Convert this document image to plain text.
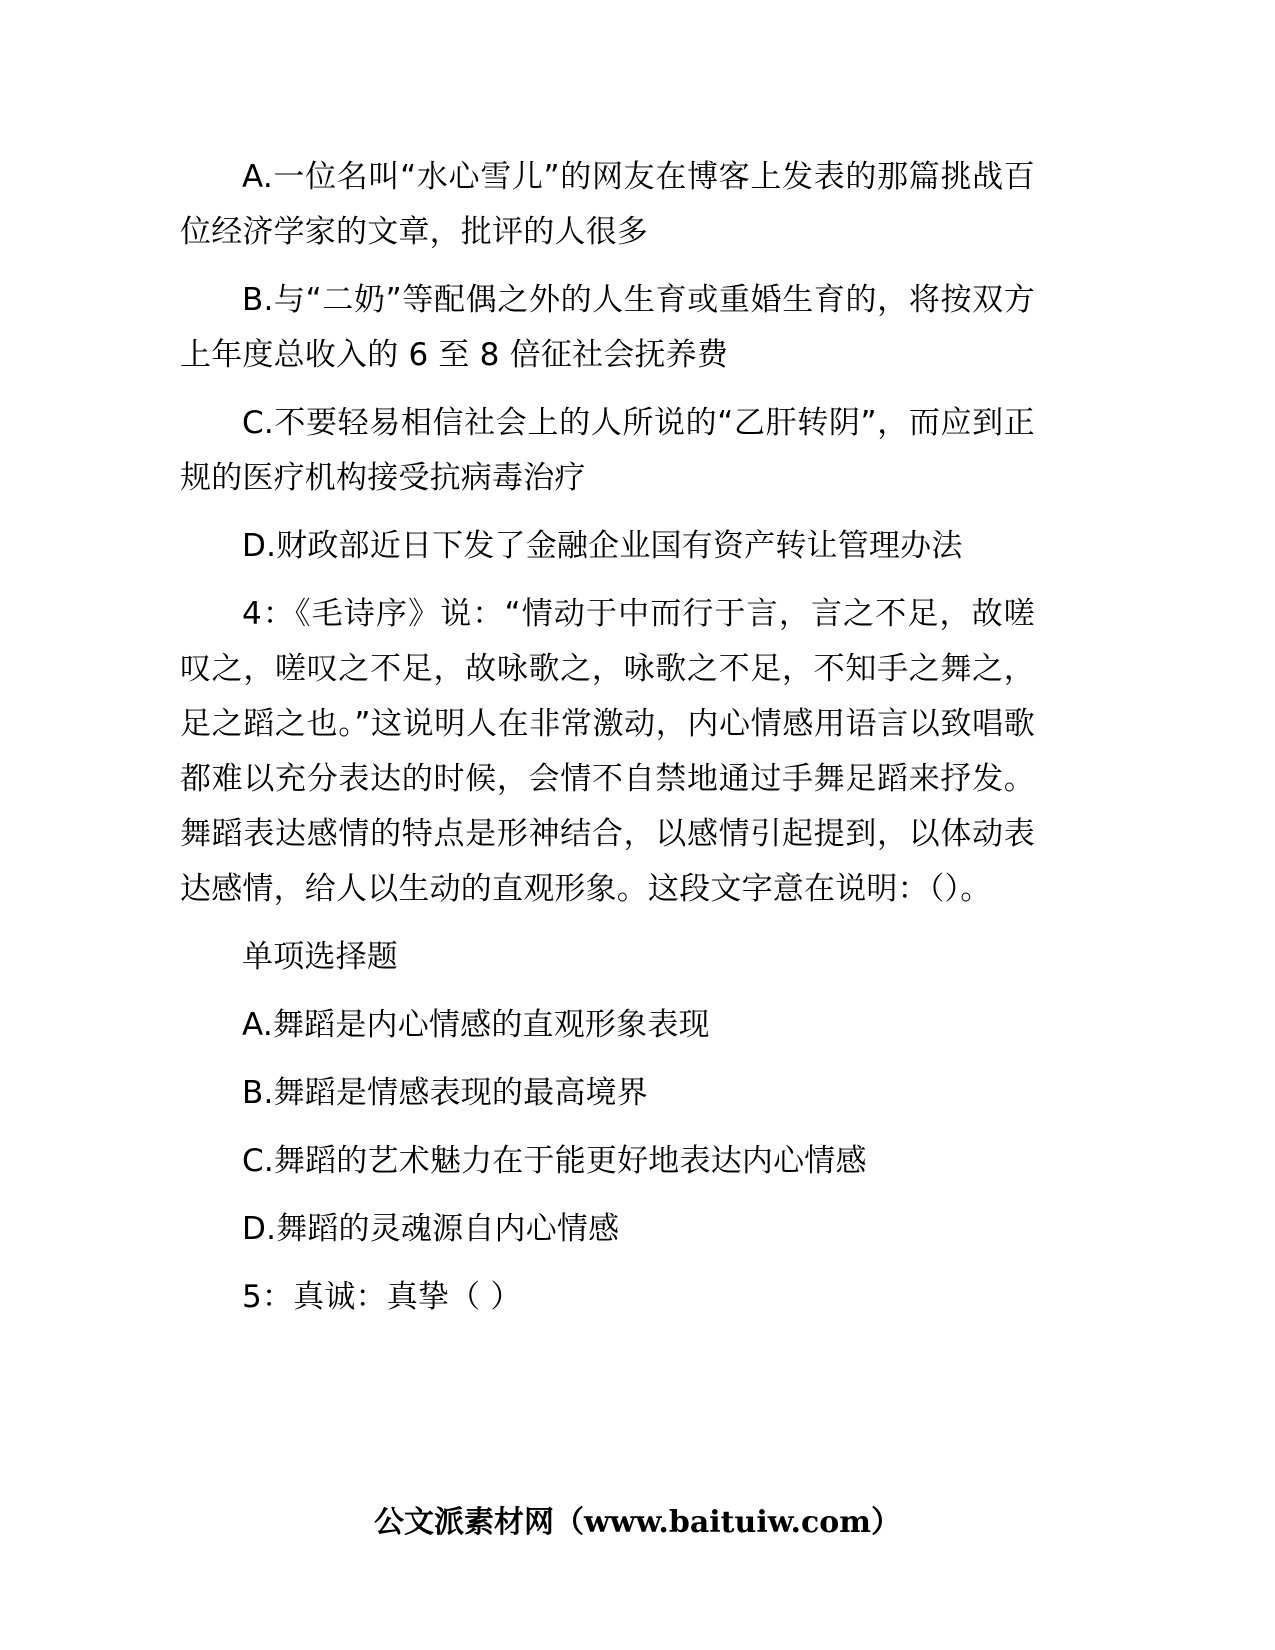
A.一位名叫“水心雪儿”的网友在博客上发表的那篇挑战百位经济学家的文章，批评的人很多

B.与“二奶”等配偶之外的人生育或重婚生育的，将按双方上年度总收入的 6 至 8 倍征社会抚养费

C.不要轻易相信社会上的人所说的“乙肝转阴”，而应到正规的医疗机构接受抗病毒治疗

D.财政部近日下发了金融企业国有资产转让管理办法

4：《毛诗序》说：“情动于中而行于言，言之不足，故嗟叹之，嗟叹之不足，故咏歌之，咏歌之不足，不知手之舞之，足之蹈之也。”这说明人在非常激动，内心情感用语言以致唱歌都难以充分表达的时候，会情不自禁地通过手舞足蹈来抒发。舞蹈表达感情的特点是形神结合，以感情引起提到，以体动表达感情，给人以生动的直观形象。这段文字意在说明：（）。

单项选择题

A.舞蹈是内心情感的直观形象表现

B.舞蹈是情感表现的最高境界

C.舞蹈的艺术魅力在于能更好地表达内心情感

D.舞蹈的灵魂源自内心情感

5：真诚：真挚（ ）

公文派素材网（www.baituiw.com）
